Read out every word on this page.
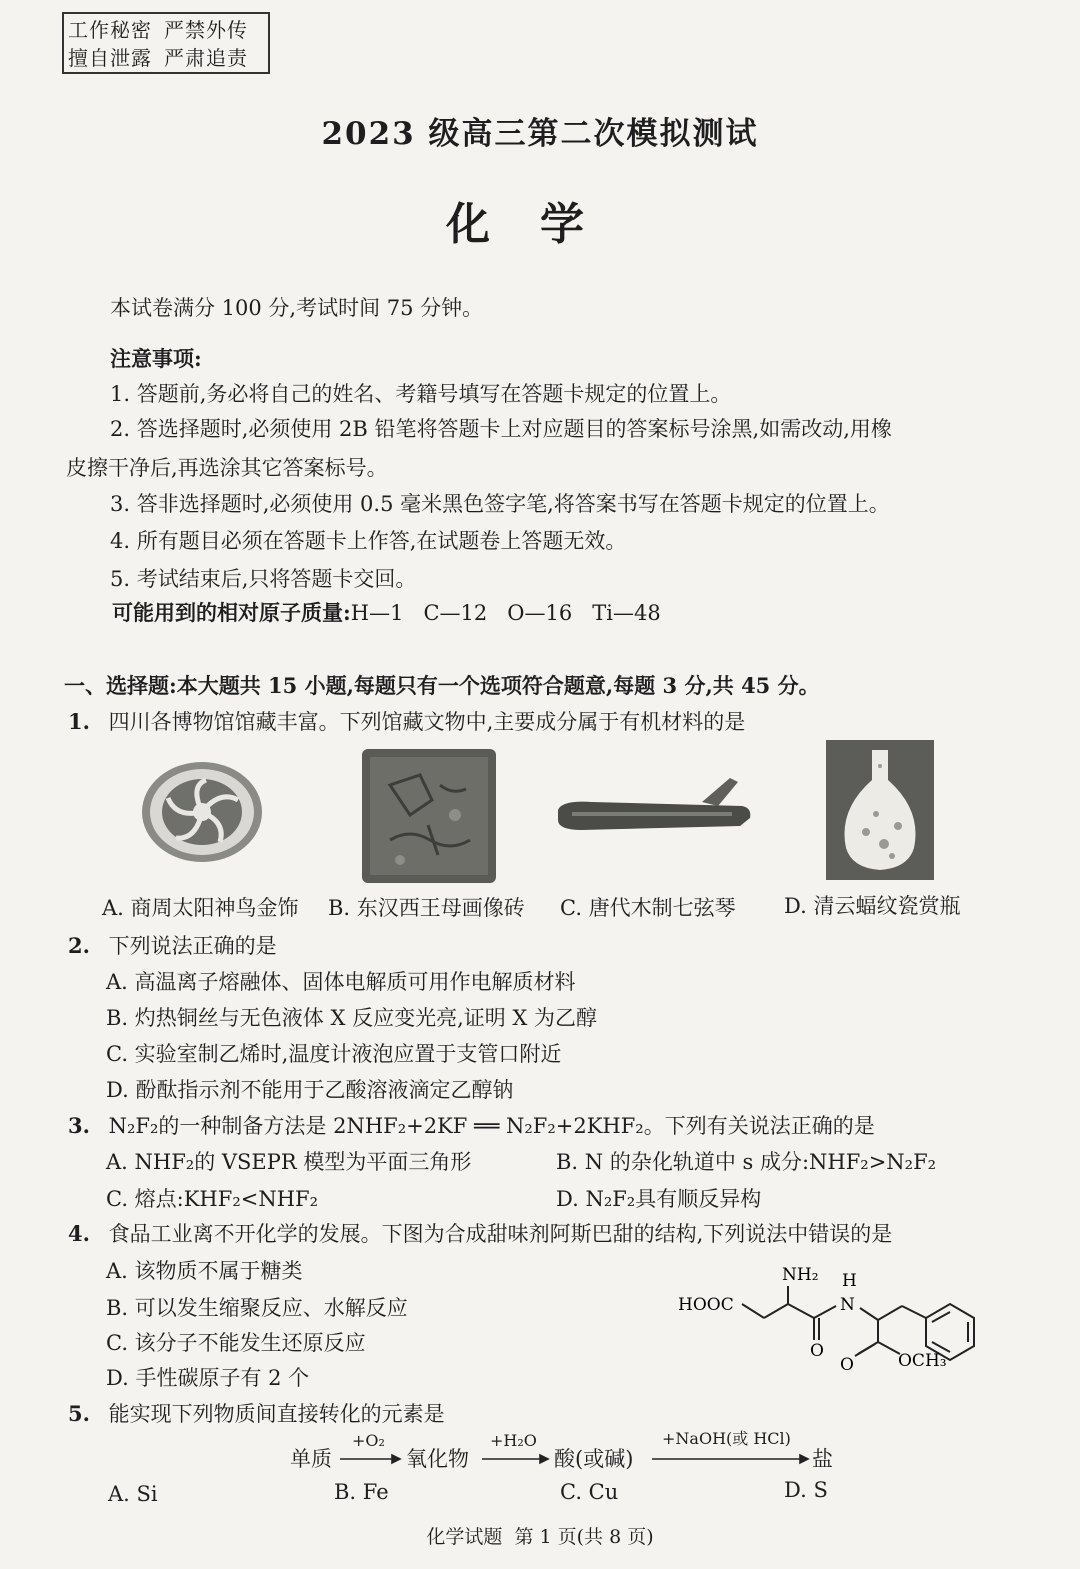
工作秘密 严禁外传
擅自泄露 严肃追责
2023 级高三第二次模拟测试
化学
本试卷满分 100 分,考试时间 75 分钟。
注意事项:
1. 答题前,务必将自己的姓名、考籍号填写在答题卡规定的位置上。
2. 答选择题时,必须使用 2B 铅笔将答题卡上对应题目的答案标号涂黑,如需改动,用橡
皮擦干净后,再选涂其它答案标号。
3. 答非选择题时,必须使用 0.5 毫米黑色签字笔,将答案书写在答题卡规定的位置上。
4. 所有题目必须在答题卡上作答,在试题卷上答题无效。
5. 考试结束后,只将答题卡交回。
可能用到的相对原子质量:H—1   C—12   O—16   Ti—48
一、选择题:本大题共 15 小题,每题只有一个选项符合题意,每题 3 分,共 45 分。
1. 四川各博物馆馆藏丰富。下列馆藏文物中,主要成分属于有机材料的是
A. 商周太阳神鸟金饰 B. 东汉西王母画像砖 C. 唐代木制七弦琴 D. 清云蝠纹瓷赏瓶
2. 下列说法正确的是
A. 高温离子熔融体、固体电解质可用作电解质材料
B. 灼热铜丝与无色液体 X 反应变光亮,证明 X 为乙醇
C. 实验室制乙烯时,温度计液泡应置于支管口附近
D. 酚酞指示剂不能用于乙酸溶液滴定乙醇钠
3. N₂F₂的一种制备方法是 2NHF₂+2KF ══ N₂F₂+2KHF₂。下列有关说法正确的是
A. NHF₂的 VSEPR 模型为平面三角形	B. N 的杂化轨道中 s 成分:NHF₂>N₂F₂
C. 熔点:KHF₂<NHF₂	D. N₂F₂具有顺反异构
4. 食品工业离不开化学的发展。下图为合成甜味剂阿斯巴甜的结构,下列说法中错误的是
A. 该物质不属于糖类
B. 可以发生缩聚反应、水解反应
C. 该分子不能发生还原反应
D. 手性碳原子有 2 个
NH₂ H
N
HOOC
O
O	OCH₃
5. 能实现下列物质间直接转化的元素是
单质	氧化物	酸(或碱)	盐
+O₂	+H₂O	+NaOH(或 HCl)
A. Si	B. Fe	C. Cu	D. S
化学试题  第 1 页(共 8 页)
